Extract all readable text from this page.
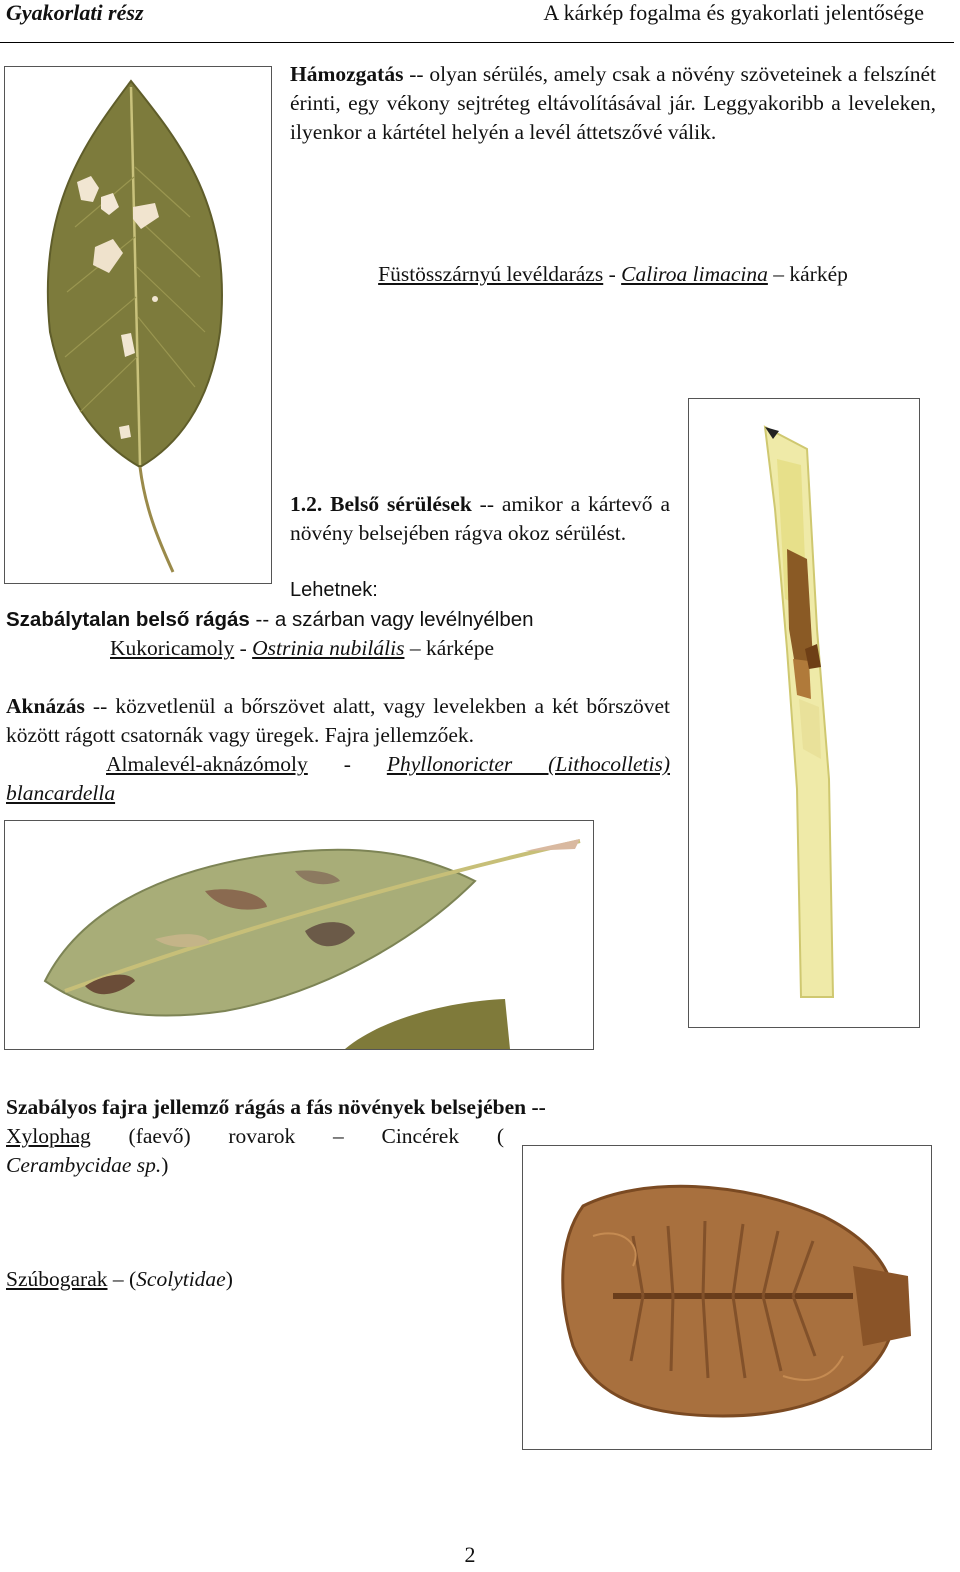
Gyakorlati rész	A kárkép fogalma és gyakorlati jelentősége

Hámozgatás -- olyan sérülés, amely csak a növény szöveteinek a felszínét érinti, egy vékony sejtréteg eltávolításával jár. Leggyakoribb a leveleken, ilyenkor a kártétel helyén a levél áttetszővé válik.

Füstösszárnyú levéldarázs - Caliroa limacina – kárkép

1.2. Belső sérülések -- amikor a kártevő a növény belsejében rágva okoz sérülést.

Lehetnek:

Szabálytalan belső rágás -- a szárban vagy levélnyélben

Kukoricamoly - Ostrinia nubilális – kárképe

Aknázás -- közvetlenül a bőrszövet alatt, vagy levelekben a két bőrszövet között rágott csatornák vagy üregek. Fajra jellemzőek.
Almalevél-aknázómoly - Phyllonoricter (Lithocolletis) blancardella

Szabályos fajra jellemző rágás a fás növények belsejében --

Xylophag (faevő) rovarok – Cincérek (

Cerambycidae sp.)

Szúbogarak – (Scolytidae)

2
